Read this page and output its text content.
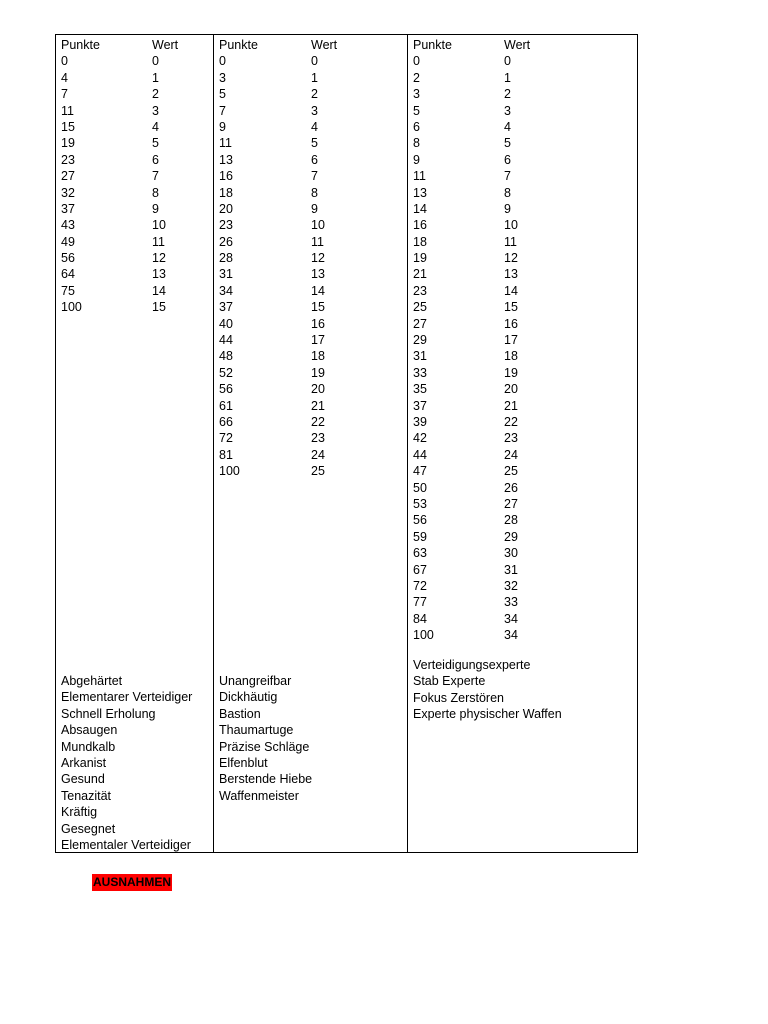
Punkte	Wert
0	0
4	1
7	2
11	3
15	4
19	5
23	6
27	7
32	8
37	9
43	10
49	11
56	12
64	13
75	14
100	15
Abgehärtet
Elementarer Verteidiger
Schnell Erholung
Absaugen
Mundkalb
Arkanist
Gesund
Tenazität
Kräftig
Gesegnet
Elementaler Verteidiger
Punkte	Wert
0	0
3	1
5	2
7	3
9	4
11	5
13	6
16	7
18	8
20	9
23	10
26	11
28	12
31	13
34	14
37	15
40	16
44	17
48	18
52	19
56	20
61	21
66	22
72	23
81	24
100	25
Unangreifbar
Dickhäutig
Bastion
Thaumartuge
Präzise Schläge
Elfenblut
Berstende Hiebe
Waffenmeister
Punkte	Wert
0	0
2	1
3	2
5	3
6	4
8	5
9	6
11	7
13	8
14	9
16	10
18	11
19	12
21	13
23	14
25	15
27	16
29	17
31	18
33	19
35	20
37	21
39	22
42	23
44	24
47	25
50	26
53	27
56	28
59	29
63	30
67	31
72	32
77	33
84	34
100	34
Verteidigungsexperte
Stab Experte
Fokus Zerstören
Experte physischer Waffen
AUSNAHMEN
